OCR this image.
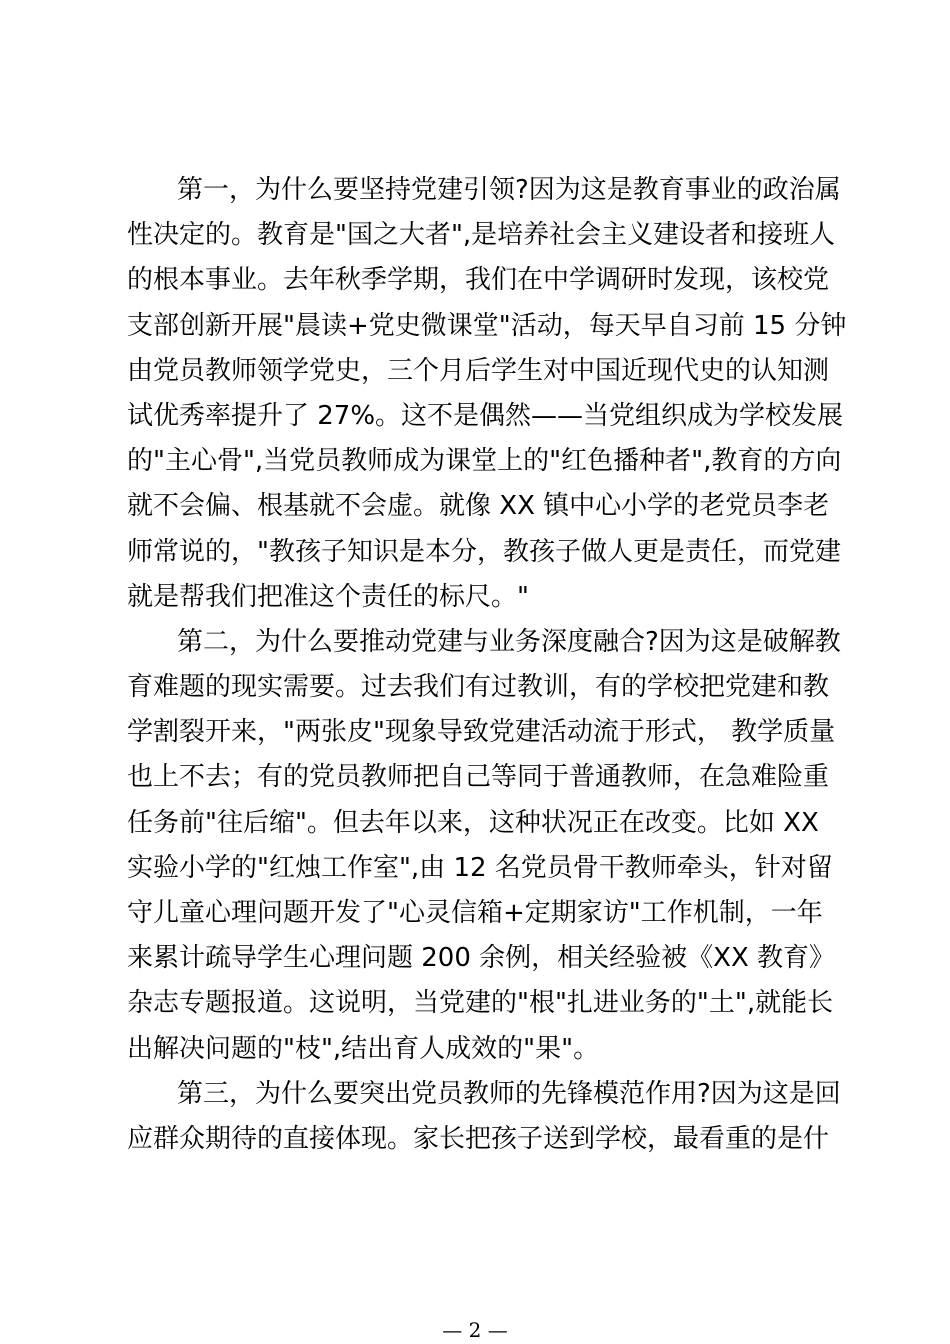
第一，为什么要坚持党建引领?因为这是教育事业的政治属
性决定的。教育是"国之大者",是培养社会主义建设者和接班人
的根本事业。去年秋季学期，我们在中学调研时发现，该校党
支部创新开展"晨读+党史微课堂"活动，每天早自习前 15 分钟
由党员教师领学党史，三个月后学生对中国近现代史的认知测
试优秀率提升了 27%。这不是偶然——当党组织成为学校发展
的"主心骨",当党员教师成为课堂上的"红色播种者",教育的方向
就不会偏、根基就不会虚。就像 XX 镇中心小学的老党员李老
师常说的，"教孩子知识是本分，教孩子做人更是责任，而党建
就是帮我们把准这个责任的标尺。"
第二，为什么要推动党建与业务深度融合?因为这是破解教
育难题的现实需要。过去我们有过教训，有的学校把党建和教
学割裂开来，"两张皮"现象导致党建活动流于形式， 教学质量
也上不去；有的党员教师把自己等同于普通教师，在急难险重
任务前"往后缩"。但去年以来，这种状况正在改变。比如 XX
实验小学的"红烛工作室",由 12 名党员骨干教师牵头，针对留
守儿童心理问题开发了"心灵信箱+定期家访"工作机制，一年
来累计疏导学生心理问题 200 余例，相关经验被《XX 教育》
杂志专题报道。这说明，当党建的"根"扎进业务的"土",就能长
出解决问题的"枝",结出育人成效的"果"。
第三，为什么要突出党员教师的先锋模范作用?因为这是回
应群众期待的直接体现。家长把孩子送到学校，最看重的是什
— 2 —
